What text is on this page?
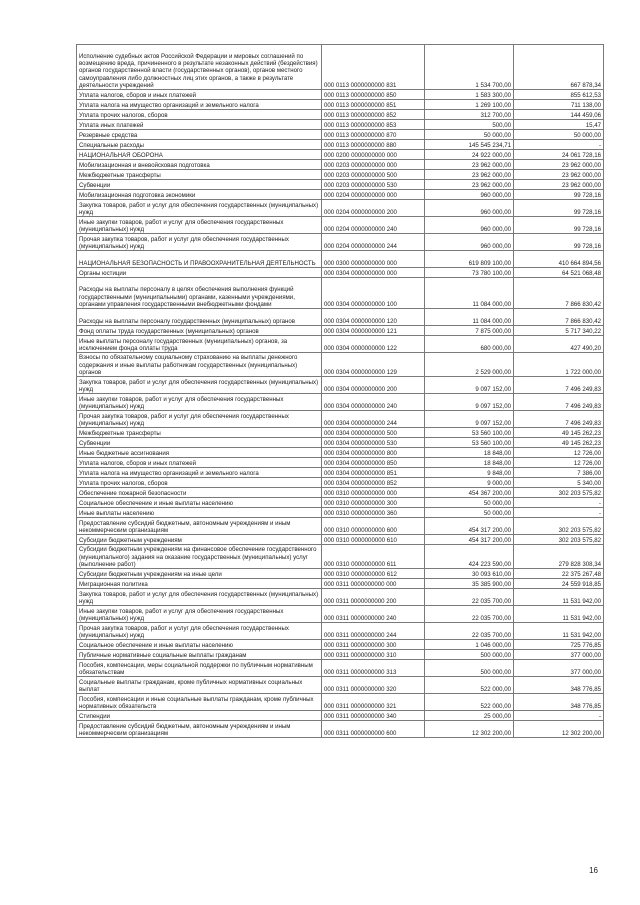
Исполнение судебных актов Российской Федерации и мировых соглашений по возмещению вреда, причиненного в результате незаконных действий (бездействия) органов государственной власти (государственных органов), органов местного самоуправления либо должностных лиц этих органов, а также в результате деятельности учреждений	000 0113 0000000000 831	1 534 700,00	667 878,34
Уплата налогов, сборов и иных платежей	000 0113 0000000000 850	1 583 300,00	855 612,53
Уплата налога на имущество организаций и земельного налога	000 0113 0000000000 851	1 269 100,00	711 138,00
Уплата прочих налогов, сборов	000 0113 0000000000 852	312 700,00	144 459,06
Уплата иных платежей	000 0113 0000000000 853	500,00	15,47
Резервные средства	000 0113 0000000000 870	50 000,00	50 000,00
Специальные расходы	000 0113 0000000000 880	145 545 234,71	-
НАЦИОНАЛЬНАЯ ОБОРОНА	000 0200 0000000000 000	24 922 000,00	24 061 728,16
Мобилизационная и вневойсковая подготовка	000 0203 0000000000 000	23 962 000,00	23 962 000,00
Межбюджетные трансферты	000 0203 0000000000 500	23 962 000,00	23 962 000,00
Субвенции	000 0203 0000000000 530	23 962 000,00	23 962 000,00
Мобилизационная подготовка экономики	000 0204 0000000000 000	960 000,00	99 728,16
Закупка товаров, работ и услуг для обеспечения государственных (муниципальных) нужд	000 0204 0000000000 200	960 000,00	99 728,16
Иные закупки товаров, работ и услуг для обеспечения государственных (муниципальных) нужд	000 0204 0000000000 240	960 000,00	99 728,16
Прочая закупка товаров, работ и услуг для обеспечения государственных (муниципальных) нужд	000 0204 0000000000 244	960 000,00	99 728,16
НАЦИОНАЛЬНАЯ БЕЗОПАСНОСТЬ И ПРАВООХРАНИТЕЛЬНАЯ ДЕЯТЕЛЬНОСТЬ	000 0300 0000000000 000	619 809 100,00	410 664 894,56
Органы юстиции	000 0304 0000000000 000	73 780 100,00	64 521 068,48
Расходы на выплаты персоналу в целях обеспечения выполнения функций государственными (муниципальными) органами, казенными учреждениями, органами управления государственными внебюджетными фондами	000 0304 0000000000 100	11 084 000,00	7 866 830,42
Расходы на выплаты персоналу государственных (муниципальных) органов	000 0304 0000000000 120	11 084 000,00	7 866 830,42
Фонд оплаты труда государственных (муниципальных) органов	000 0304 0000000000 121	7 875 000,00	5 717 340,22
Иные выплаты персоналу государственных (муниципальных) органов, за исключением фонда оплаты труда	000 0304 0000000000 122	680 000,00	427 490,20
Взносы по обязательному социальному страхованию на выплаты денежного содержания и иные выплаты работникам государственных (муниципальных) органов	000 0304 0000000000 129	2 529 000,00	1 722 000,00
Закупка товаров, работ и услуг для обеспечения государственных (муниципальных) нужд	000 0304 0000000000 200	9 097 152,00	7 496 249,83
Иные закупки товаров, работ и услуг для обеспечения государственных (муниципальных) нужд	000 0304 0000000000 240	9 097 152,00	7 496 249,83
Прочая закупка товаров, работ и услуг для обеспечения государственных (муниципальных) нужд	000 0304 0000000000 244	9 097 152,00	7 496 249,83
Межбюджетные трансферты	000 0304 0000000000 500	53 560 100,00	49 145 262,23
Субвенции	000 0304 0000000000 530	53 560 100,00	49 145 262,23
Иные бюджетные ассигнования	000 0304 0000000000 800	18 848,00	12 726,00
Уплата налогов, сборов и иных платежей	000 0304 0000000000 850	18 848,00	12 726,00
Уплата налога на имущество организаций и земельного налога	000 0304 0000000000 851	9 848,00	7 386,00
Уплата прочих налогов, сборов	000 0304 0000000000 852	9 000,00	5 340,00
Обеспечение пожарной безопасности	000 0310 0000000000 000	454 367 200,00	302 203 575,82
Социальное обеспечение и иные выплаты населению	000 0310 0000000000 300	50 000,00	-
Иные выплаты населению	000 0310 0000000000 360	50 000,00	-
Предоставление субсидий бюджетным, автономным учреждениям и иным некоммерческим организациям	000 0310 0000000000 600	454 317 200,00	302 203 575,82
Субсидии бюджетным учреждениям	000 0310 0000000000 610	454 317 200,00	302 203 575,82
Субсидии бюджетным учреждениям на финансовое обеспечение государственного (муниципального) задания на оказание государственных (муниципальных) услуг (выполнение работ)	000 0310 0000000000 611	424 223 590,00	279 828 308,34
Субсидии бюджетным учреждениям на иные цели	000 0310 0000000000 612	30 093 610,00	22 375 267,48
Миграционная политика	000 0311 0000000000 000	35 385 900,00	24 559 918,85
Закупка товаров, работ и услуг для обеспечения государственных (муниципальных) нужд	000 0311 0000000000 200	22 035 700,00	11 531 942,00
Иные закупки товаров, работ и услуг для обеспечения государственных (муниципальных) нужд	000 0311 0000000000 240	22 035 700,00	11 531 942,00
Прочая закупка товаров, работ и услуг для обеспечения государственных (муниципальных) нужд	000 0311 0000000000 244	22 035 700,00	11 531 942,00
Социальное обеспечение и иные выплаты населению	000 0311 0000000000 300	1 046 000,00	725 776,85
Публичные нормативные социальные выплаты гражданам	000 0311 0000000000 310	500 000,00	377 000,00
Пособия, компенсации, меры социальной поддержки по публичным нормативным обязательствам	000 0311 0000000000 313	500 000,00	377 000,00
Социальные выплаты гражданам, кроме публичных нормативных социальных выплат	000 0311 0000000000 320	522 000,00	348 776,85
Пособия, компенсации и иные социальные выплаты гражданам, кроме публичных нормативных обязательств	000 0311 0000000000 321	522 000,00	348 776,85
Стипендии	000 0311 0000000000 340	25 000,00	-
Предоставление субсидий бюджетным, автономным учреждениям и иным некоммерческим организациям	000 0311 0000000000 600	12 302 200,00	12 302 200,00
16
